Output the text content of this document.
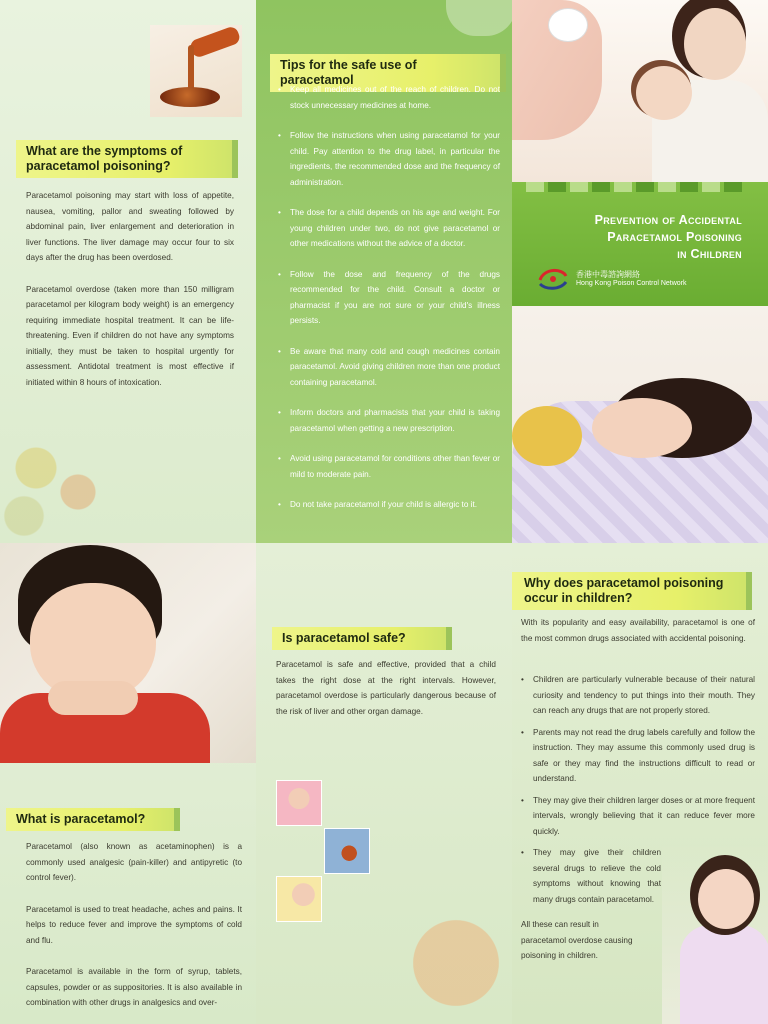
What are the symptoms of paracetamol poisoning?

Paracetamol poisoning may start with loss of appetite, nausea, vomiting, pallor and sweating followed by abdominal pain, liver enlargement and deterioration in liver functions. The liver damage may occur four to six days after the drug has been overdosed.

Paracetamol overdose (taken more than 150 milligram paracetamol per kilogram body weight) is an emergency requiring immediate hospital treatment. It can be life-threatening. Even if children do not have any symptoms initially, they must be taken to hospital urgently for assessment. Antidotal treatment is most effective if initiated within 8 hours of intoxication.

Tips for the safe use of paracetamol
• Keep all medicines out of the reach of children. Do not stock unnecessary medicines at home.
• Follow the instructions when using paracetamol for your child. Pay attention to the drug label, in particular the ingredients, the recommended dose and the frequency of administration.
• The dose for a child depends on his age and weight. For young children under two, do not give paracetamol or other medications without the advice of a doctor.
• Follow the dose and frequency of the drugs recommended for the child. Consult a doctor or pharmacist if you are not sure or your child's illness persists.
• Be aware that many cold and cough medicines contain paracetamol. Avoid giving children more than one product containing paracetamol.
• Inform doctors and pharmacists that your child is taking paracetamol when getting a new prescription.
• Avoid using paracetamol for conditions other than fever or mild to moderate pain.
• Do not take paracetamol if your child is allergic to it.
Prevention of Accidental
Paracetamol Poisoning
in Children
香港中毒諮詢網絡
Hong Kong Poison Control Network
What is paracetamol?

Paracetamol (also known as acetaminophen) is a commonly used analgesic (pain-killer) and antipyretic (to control fever).

Paracetamol is used to treat headache, aches and pains. It helps to reduce fever and improve the symptoms of cold and flu.

Paracetamol is available in the form of syrup, tablets, capsules, powder or as suppositories. It is also available in combination with other drugs in analgesics and over-

Is paracetamol safe?
Paracetamol is safe and effective, provided that a child takes the right dose at the right intervals. However, paracetamol overdose is particularly dangerous because of the risk of liver and other organ damage.
Why does paracetamol poisoning occur in children?
With its popularity and easy availability, paracetamol is one of the most common drugs associated with accidental poisoning.
• Children are particularly vulnerable because of their natural curiosity and tendency to put things into their mouth. They can reach any drugs that are not properly stored.
• Parents may not read the drug labels carefully and follow the instruction. They may assume this commonly used drug is safe or they may find the instructions difficult to read or understand.
• They may give their children larger doses or at more frequent intervals, wrongly believing that it can reduce fever more quickly.
• They may give their children several drugs to relieve the cold symptoms without knowing that many drugs contain paracetamol.
All these can result in paracetamol overdose causing poisoning in children.
